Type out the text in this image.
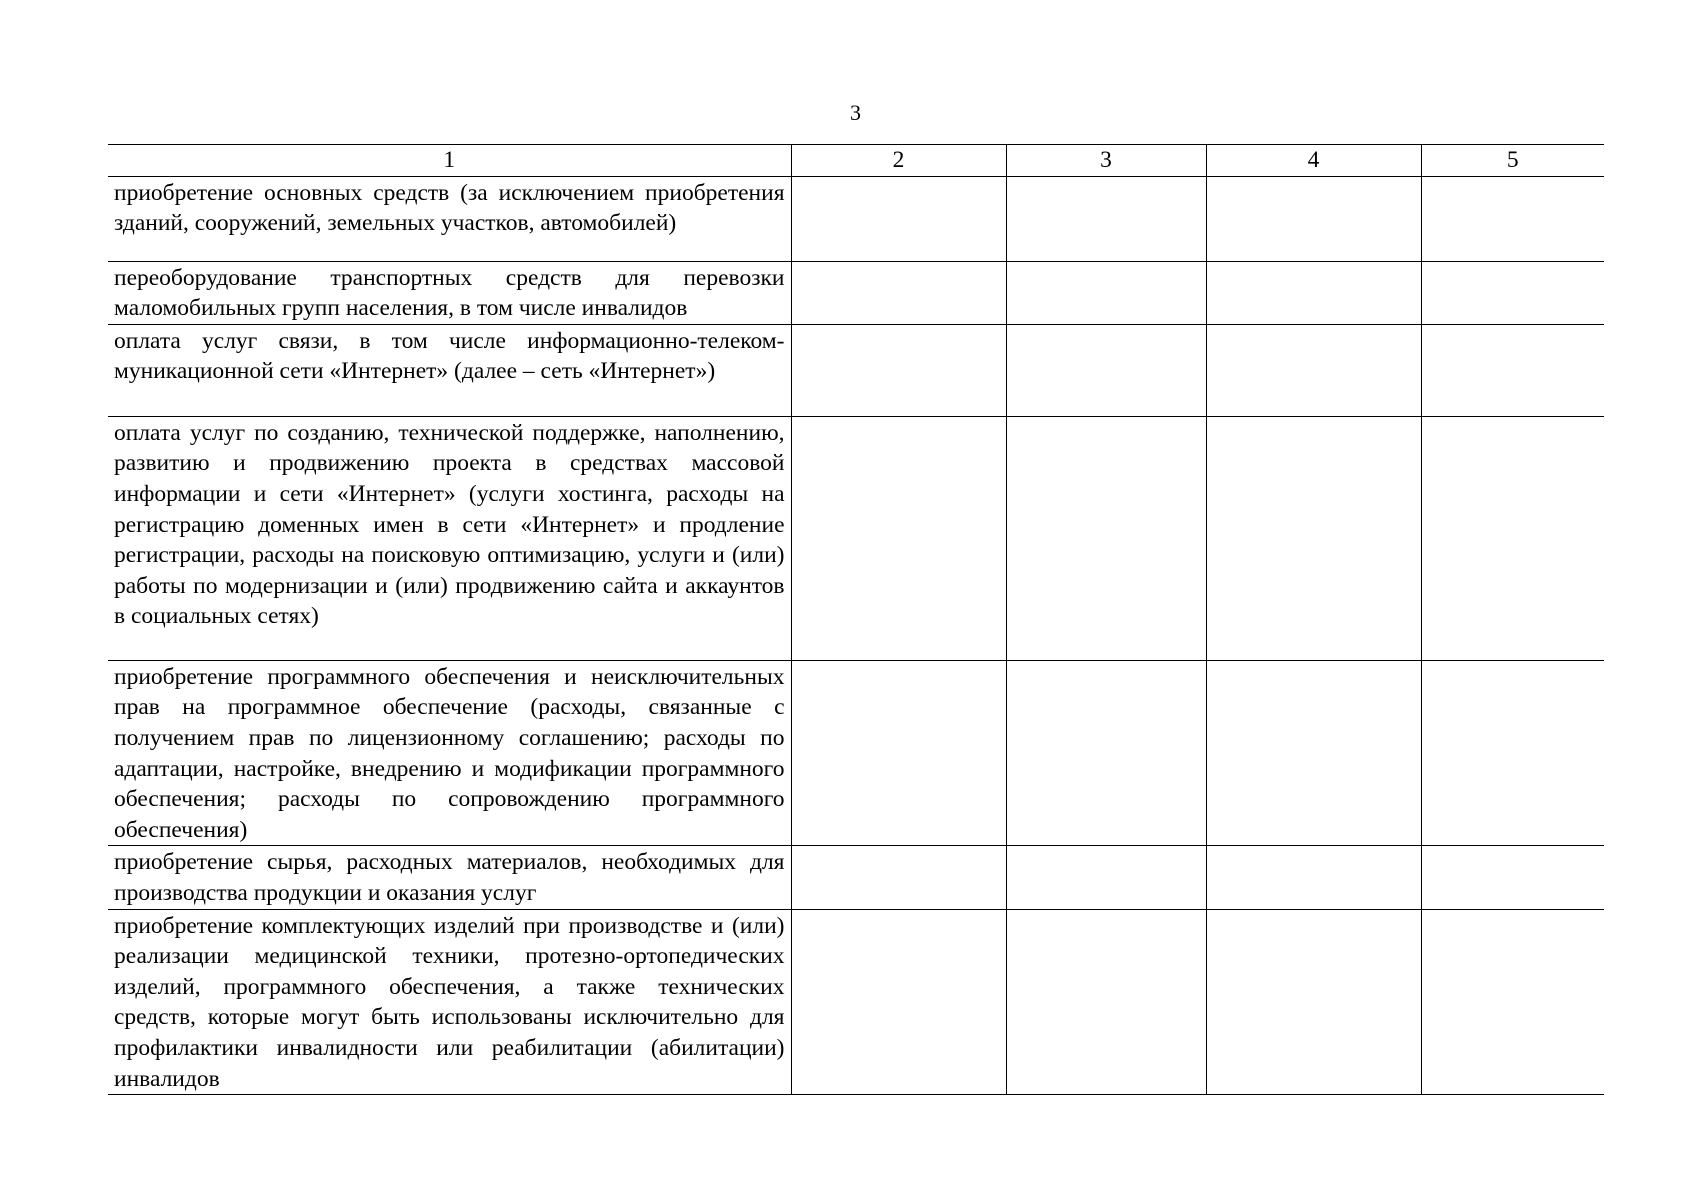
3
1	2	3	4	5
приобретение основных средств (за исключением приобретения зданий, сооружений, земельных участков, автомобилей)				
переоборудование транспортных средств для перевозки маломобильных групп населения, в том числе инвалидов				
оплата услуг связи, в том числе информационно-телекоммуникационной сети «Интернет» (далее – сеть «Интернет»)				
оплата услуг по созданию, технической поддержке, наполнению, развитию и продвижению проекта в средствах массовой информации и сети «Интернет» (услуги хостинга, расходы на регистрацию доменных имен в сети «Интернет» и продление регистрации, расходы на поисковую оптимизацию, услуги и (или) работы по модернизации и (или) продвижению сайта и аккаунтов в социальных сетях)				
приобретение программного обеспечения и неисключительных прав на программное обеспечение (расходы, связанные с получением прав по лицензионному соглашению; расходы по адаптации, настройке, внедрению и модификации программного обеспечения; расходы по сопровождению программного обеспечения)				
приобретение сырья, расходных материалов, необходимых для производства продукции и оказания услуг				
приобретение комплектующих изделий при производстве и (или) реализации медицинской техники, протезно-ортопедических изделий, программного обеспечения, а также технических средств, которые могут быть использованы исключительно для профилактики инвалидности или реабилитации (абилитации) инвалидов				
